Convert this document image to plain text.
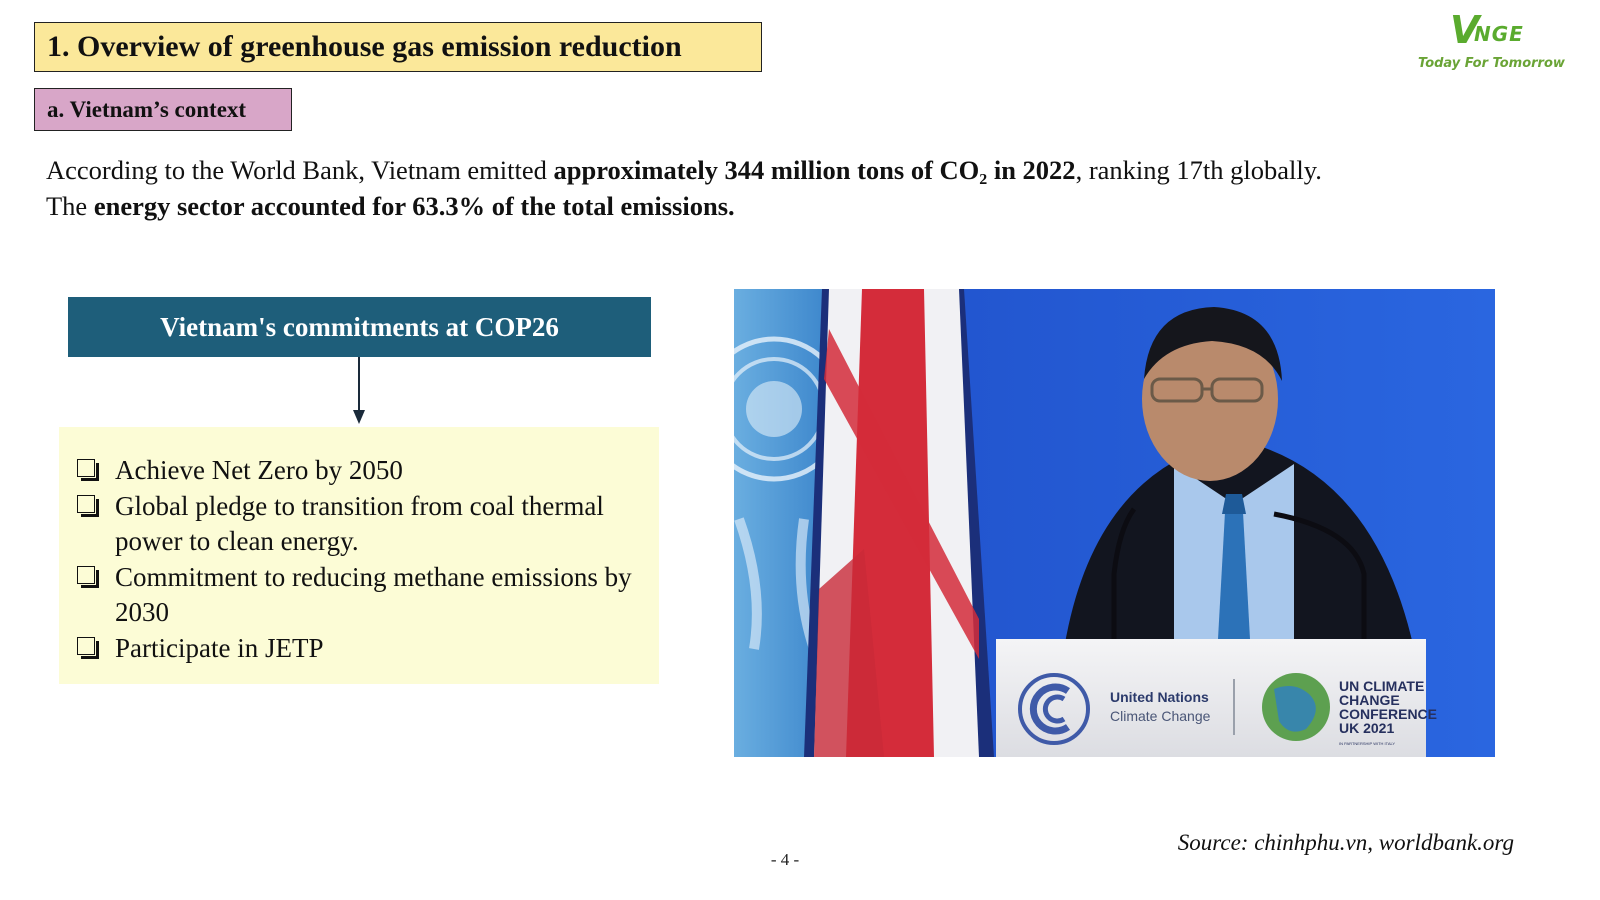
1. Overview of greenhouse gas emission reduction
a. Vietnam’s context
V
NGE
Today For Tomorrow
According to the World Bank, Vietnam emitted approximately 344 million tons of CO₂ in 2022, ranking 17th globally.
The energy sector accounted for 63.3% of the total emissions.
Vietnam's commitments at COP26
Achieve Net Zero by 2050
Global pledge to transition from coal thermal power to clean energy.
Commitment to reducing methane emissions by 2030
Participate in JETP
United Nations
Climate Change
UN CLIMATE
CHANGE
CONFERENCE
UK 2021
IN PARTNERSHIP WITH ITALY
Source: chinhphu.vn, worldbank.org
- 4 -
